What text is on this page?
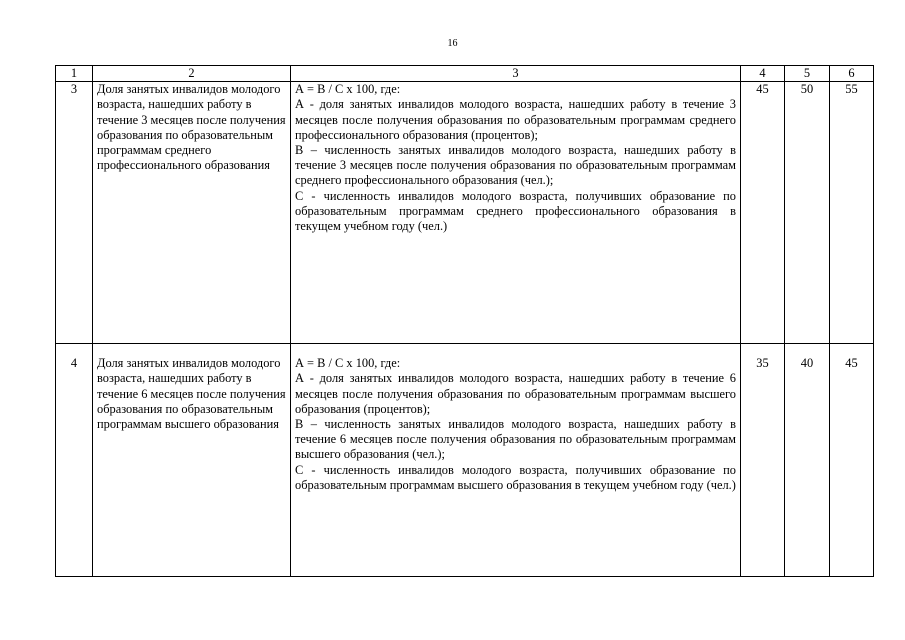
16
1	2	3	4	5	6
3	Доля занятых инвалидов молодого возраста, нашедших работу в течение 3 месяцев после получения образования по образовательным программам среднего профессионального образования	А = В / С х 100, где:
А - доля занятых инвалидов молодого возраста, нашедших работу в течение 3 месяцев после получения образования по образовательным программам среднего профессионального образования (процентов);
В – численность занятых инвалидов молодого возраста, нашедших работу в течение 3 месяцев после получения образования по образовательным программам среднего профессионального образования (чел.);
С - численность инвалидов молодого возраста, получивших образование по образовательным программам среднего профессионального образования в текущем учебном году (чел.)	45	50	55
4	Доля занятых инвалидов молодого возраста, нашедших работу в течение 6 месяцев после получения образования по образовательным программам высшего образования	А = В / С х 100, где:
А - доля занятых инвалидов молодого возраста, нашедших работу в течение 6 месяцев после получения образования по образовательным программам высшего образования (процентов);
В – численность занятых инвалидов молодого возраста, нашедших работу в течение 6 месяцев после получения образования по образовательным программам высшего образования (чел.);
С - численность инвалидов молодого возраста, получивших образование по образовательным программам высшего образования в текущем учебном году (чел.)	35	40	45
